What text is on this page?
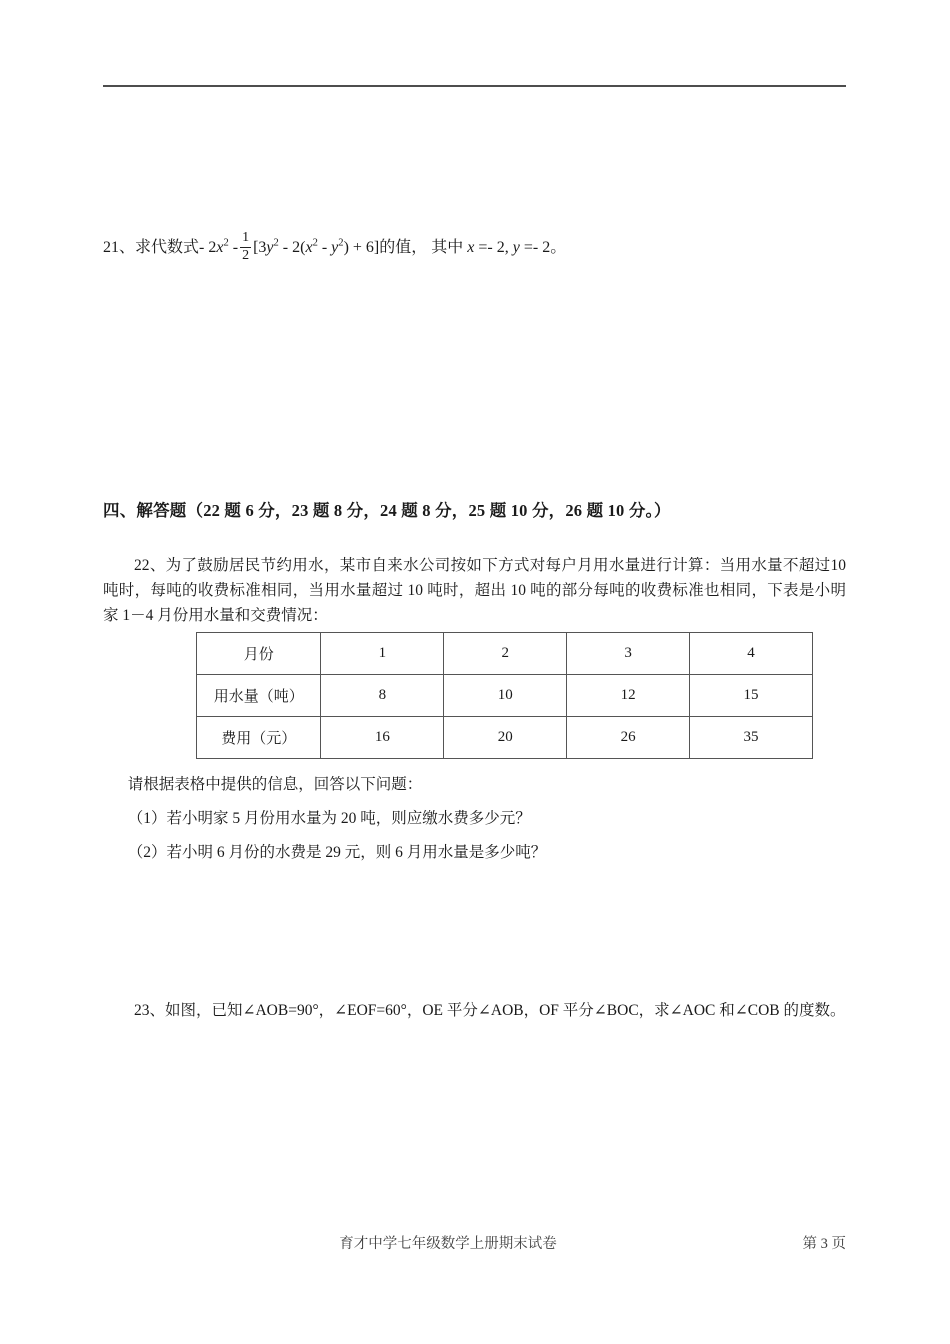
21、求代数式- $2x^2 - \frac{1}{2} [3y^2 - 2(x^2 - y^2) + 6]$的值， 其中 x =- 2, y =- 2。
四、解答题（22 题 6 分，23 题 8 分，24 题 8 分，25 题 10 分，26 题 10 分。）
22、为了鼓励居民节约用水，某市自来水公司按如下方式对每户月用水量进行计算：当用水量不超过10 吨时，每吨的收费标准相同，当用水量超过 10 吨时，超出 10 吨的部分每吨的收费标准也相同，下表是小明家 1－4 月份用水量和交费情况：
月份	1	2	3	4
用水量（吨）	8	10	12	15
费用（元）	16	20	26	35
请根据表格中提供的信息，回答以下问题：
（1）若小明家 5 月份用水量为 20 吨，则应缴水费多少元？
（2）若小明 6 月份的水费是 29 元，则 6 月用水量是多少吨？
23、如图，已知∠AOB=90°，∠EOF=60°，OE 平分∠AOB，OF 平分∠BOC，求∠AOC 和∠COB 的度数。
育才中学七年级数学上册期末试卷	第 3 页
